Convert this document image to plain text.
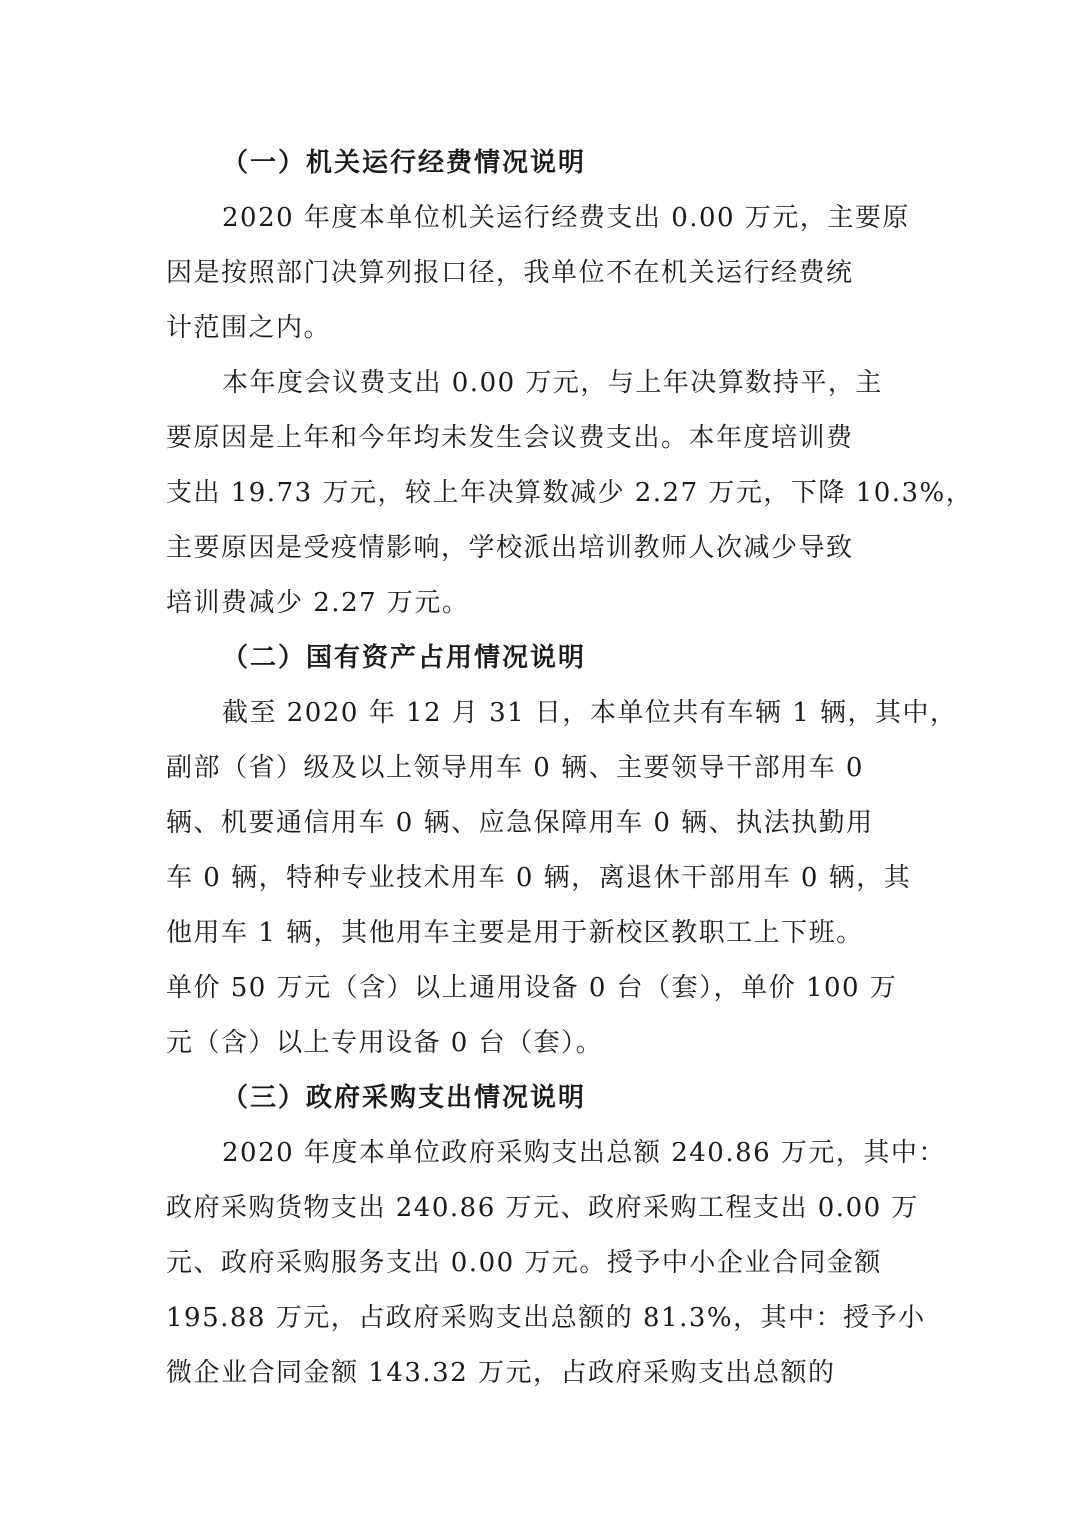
（一）机关运行经费情况说明
2020 年度本单位机关运行经费支出 0.00 万元，主要原
因是按照部门决算列报口径，我单位不在机关运行经费统
计范围之内。
本年度会议费支出 0.00 万元，与上年决算数持平，主
要原因是上年和今年均未发生会议费支出。本年度培训费
支出 19.73 万元，较上年决算数减少 2.27 万元，下降 10.3%，
主要原因是受疫情影响，学校派出培训教师人次减少导致
培训费减少 2.27 万元。
（二）国有资产占用情况说明
截至 2020 年 12 月 31 日，本单位共有车辆 1 辆，其中，
副部（省）级及以上领导用车 0 辆、主要领导干部用车 0
辆、机要通信用车 0 辆、应急保障用车 0 辆、执法执勤用
车 0 辆，特种专业技术用车 0 辆，离退休干部用车 0 辆，其
他用车 1 辆，其他用车主要是用于新校区教职工上下班。
单价 50 万元（含）以上通用设备 0 台（套），单价 100 万
元（含）以上专用设备 0 台（套）。
（三）政府采购支出情况说明
2020 年度本单位政府采购支出总额 240.86 万元，其中：
政府采购货物支出 240.86 万元、政府采购工程支出 0.00 万
元、政府采购服务支出 0.00 万元。授予中小企业合同金额
195.88 万元，占政府采购支出总额的 81.3%，其中：授予小
微企业合同金额 143.32 万元，占政府采购支出总额的
